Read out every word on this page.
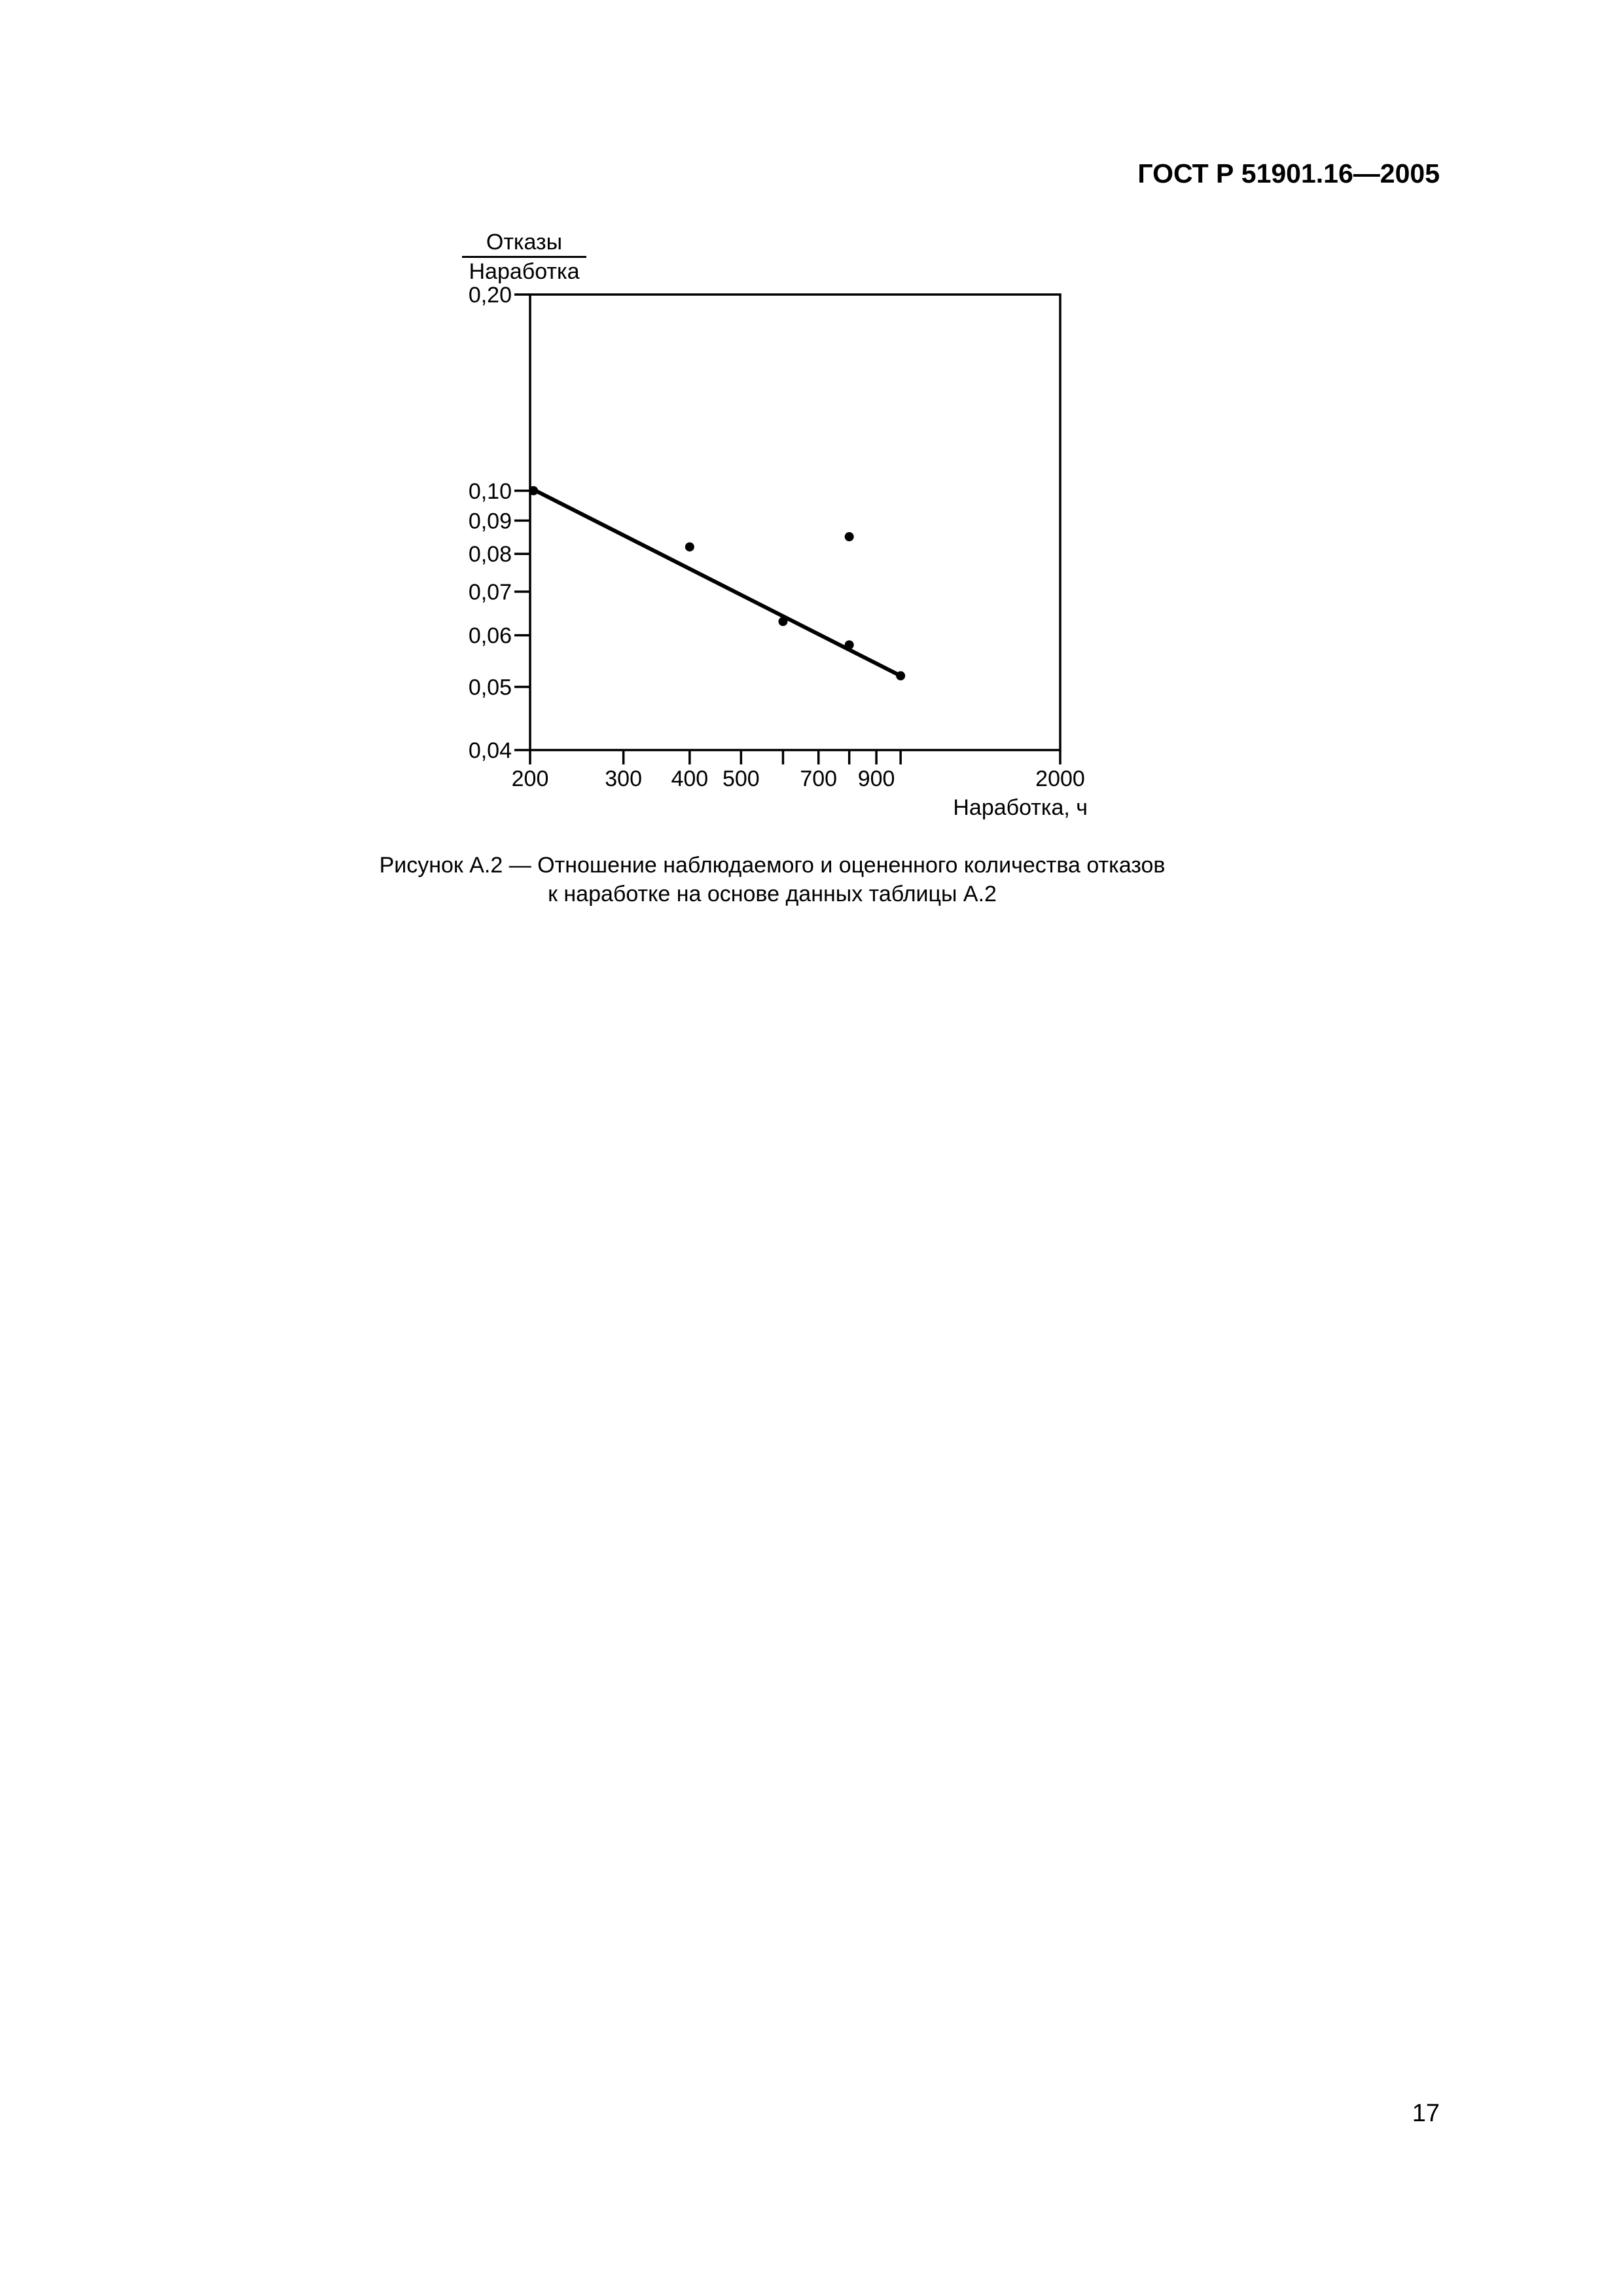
ГОСТ Р 51901.16—2005
Отказы
Наработка
200	300 400 500 700 900	2000
0,20
0,10
0,09
0,08
0,07
0,06
0,05
0,04
Наработка, ч
Рисунок А.2 — Отношение наблюдаемого и оцененного количества отказов
к наработке на основе данных таблицы А.2
17
